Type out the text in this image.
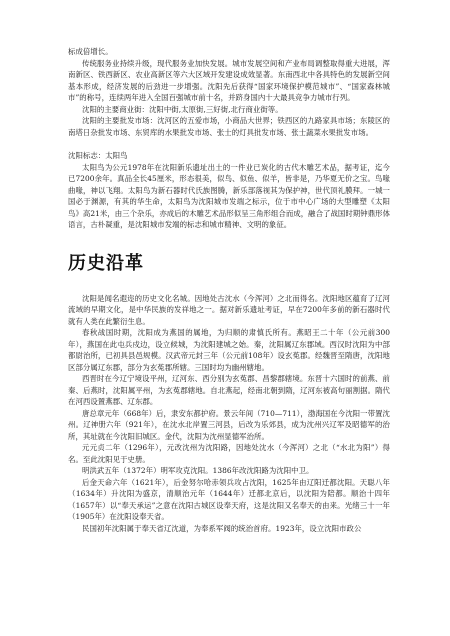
标成倍增长。

传统服务业持续升级，现代服务业加快发展。城市发展空间和产业布局调整取得重大进展，浑南新区、铁西新区、农业高新区等六大区域开发建设成效显著。东南西北中各具特色的发展新空间基本形成，经济发展的后劲进一步增强。沈阳先后获得“国家环境保护模范城市”、“国家森林城市”的称号，连续两年进入全国百强城市前十名，并跻身国内十大最具竞争力城市行列。

沈阳的主要商业街：沈阳中街,太原街,三好街,北行商业街等。

沈阳的主要批发市场：沈河区的五爱市场，小商品大世界；铁西区的九路家具市场；东陵区的南塔日杂批发市场、东贸库的水果批发市场、张士的灯具批发市场、张士蔬菜水果批发市场。

沈阳标志：太阳鸟

太阳鸟为公元1978年在沈阳新乐遗址出土的一件业已炭化的古代木雕艺术品，据考证，迄今已7200余年。真品全长45厘米，形态很美，似鸟、似鱼、似羊，皆非是，乃华夏无价之宝。鸟喙曲喙，神以飞翔。太阳鸟为新石器时代氏族图腾，新乐部落视其为保护神，世代顶礼膜拜。一城一国必于渊源，有其的华生命，太阳鸟为沈阳城市发端之标示，位于市中心广场的大型雕塑《太阳鸟》高21米，由三个杂乐，亦成后的木雕艺术品形似呈三角形组合而成，融合了战国时期钟鼎形体语言，古朴凝重，是沈阳城市发端的标志和城市精神、文明的象征。

历史沿革

沈阳是闻名遐迩的历史文化名城。因地处古沈水（今浑河）之北而得名。沈阳地区蕴育了辽河流域的早期文化，是中华民族的发祥地之一。据对新乐遗址考证，早在7200年多前的新石器时代就有人类在此繁衍生息。

春秋战国时期，沈阳成为燕国的属地，为归顺的肃慎氏所有。燕昭王二十年（公元前300年），燕国在此屯兵戍边，设立候城，为沈阳建城之始。秦，沈阳属辽东郡域。西汉时沈阳为中部都尉治所，已初具县邑规模。汉武帝元封三年（公元前108年）设玄菟郡。经魏晋至隋唐，沈阳地区部分属辽东郡，部分为玄菟郡所辖。三国时均为幽州辖地。

西晋时在今辽宁境设平州，辽河东、西分别为玄菟郡、昌黎郡辖境。东晋十六国时的前燕、前秦、后燕时，沈阳属平州，为玄菟郡辖地。自北燕起，经南北朝到隋，辽河东被高句丽割据。隋代在河西设置燕郡、辽东郡。

唐总章元年（668年）后，隶安东都护府。景云年间（710—711），渤海国在今沈阳一带置沈州。辽神册六年（921年），在沈水北岸置三河县，后改为乐郊县，成为沈州兴辽军及昭德军的治所，其址就在今沈阳旧城区。金代，沈阳为沈州显德军治所。

元元贞二年（1296年），元改沈州为沈阳路，因地处沈水（今浑河）之北（“水北为阳”）得名。至此沈阳见于史册。

明洪武五年（1372年）明军攻克沈阳。1386年改沈阳路为沈阳中卫。

后金天命六年（1621年），后金努尔哈赤领兵攻占沈阳，1625年由辽阳迁都沈阳。天聪八年（1634年）升沈阳为盛京，清顺治元年（1644年）迁都北京后，以沈阳为陪都。顺治十四年（1657年）以“奉天承运”之意在沈阳古城区设奉天府，这是沈阳又名奉天的由来。光绪三十一年（1905年）在沈阳设奉天省。

民国初年沈阳属于奉天省辽沈道，为奉系军阀的统治首府。1923年，设立沈阳市政公
